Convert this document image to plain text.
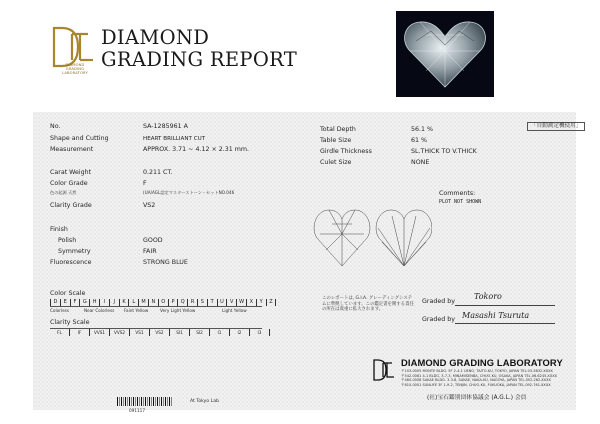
DIAMOND
GRADING
LABORATORY
DIAMOND
GRADING REPORT
No.	SA-1285961 A
Shape and Cutting	HEART BRILLIANT CUT
Measurement	APPROX. 3.71 ~ 4.12 × 2.31 mm.
Carat Weight	0.211 CT.
Color Grade	F
色の起源 天然	(UA/AGL認定マスターストーン・セットNO.046
Clarity Grade	VS2
Finish
Polish	GOOD
Symmetry	FAIR
Fluorescence	STRONG BLUE
「自動測定機使用」
Total Depth	56.1 %
Table Size	61 %
Girdle Thickness	SL.THICK TO V.THICK
Culet Size	NONE
Comments:
PLOT NOT SHOWN
Color Scale
D E F G H I J K L M N O P Q R S T U V W X Y Z
Colorless	Near Colorless Faint Yellow	Very Light Yellow	Light Yellow
Clarity Scale
FL	IF	VVS1 VVS2 VS1	VS2	SI1	SI2	I1	I2	I3
このレポートは, G.I.A. グレーディングシステムに準拠しています。この鑑定書を関する責任の所在は貴重に拡大されます。
Graded by
Tokoro
Graded by Masashi Tsuruta
DIAMOND GRADING LABORATORY
〒103-0005 MONTE BLDG. 5F 2-4-1 UENO, TAITO-KU, TOKYO, JAPAN TEL.03-5832-XXXX
〒542-0081 4-1 BLDG. 3-7-3, MINAMISENBA, CHUO-KU, OSAKA, JAPAN TEL.06-6245-XXXX
〒460-0008 SAKAE BLDG. 3-3-8, SAKAE, NAKA-KU, NAGOYA, JAPAN TEL.052-262-XXXX
〒810-0001 SUNLIFE 3F 1-9-2, TENJIN, CHUO-KU, FUKUOKA, JAPAN TEL.092-761-XXXX
(社)宝石鑑別団体協議会 (A.G.L.) 会員
091117
At Tokyo Lab
